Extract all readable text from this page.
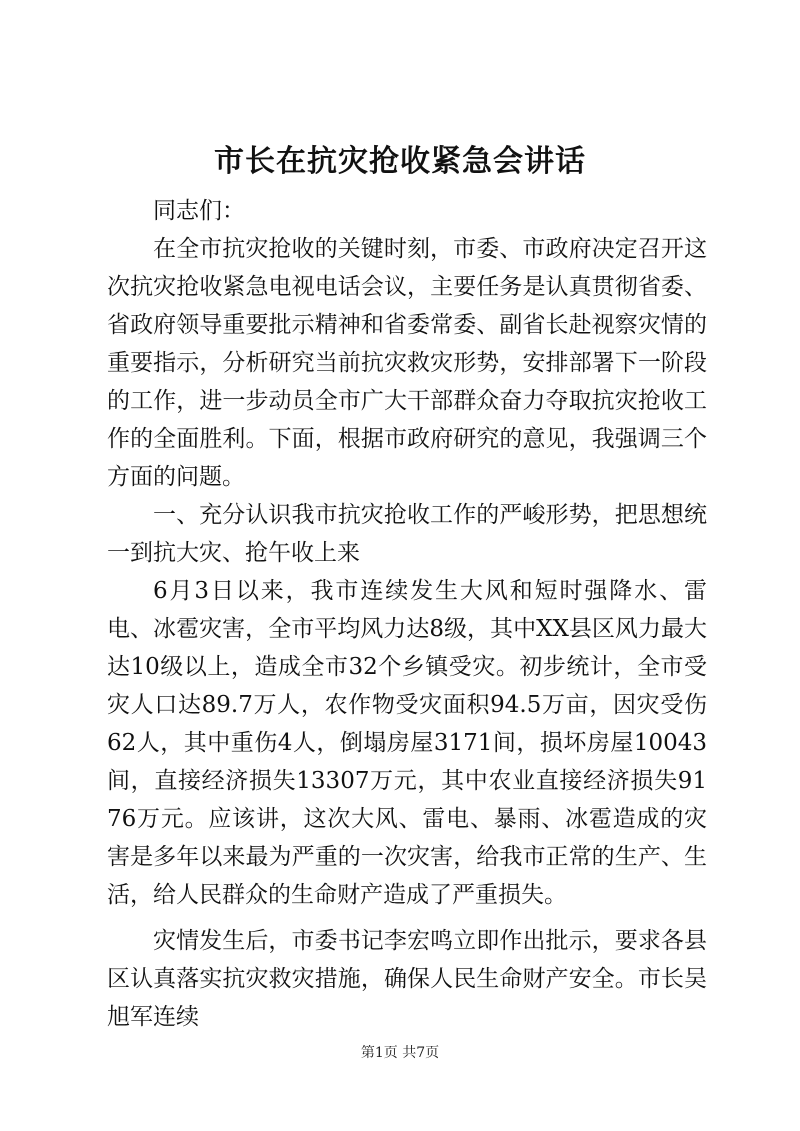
市长在抗灾抢收紧急会讲话

同志们：

在全市抗灾抢收的关键时刻，市委、市政府决定召开这次抗灾抢收紧急电视电话会议，主要任务是认真贯彻省委、省政府领导重要批示精神和省委常委、副省长赴视察灾情的重要指示，分析研究当前抗灾救灾形势，安排部署下一阶段的工作，进一步动员全市广大干部群众奋力夺取抗灾抢收工作的全面胜利。下面，根据市政府研究的意见，我强调三个方面的问题。

一、充分认识我市抗灾抢收工作的严峻形势，把思想统一到抗大灾、抢午收上来

6月3日以来，我市连续发生大风和短时强降水、雷电、冰雹灾害，全市平均风力达8级，其中XX县区风力最大达10级以上，造成全市32个乡镇受灾。初步统计，全市受灾人口达89.7万人，农作物受灾面积94.5万亩，因灾受伤62人，其中重伤4人，倒塌房屋3171间，损坏房屋10043间，直接经济损失13307万元，其中农业直接经济损失9176万元。应该讲，这次大风、雷电、暴雨、冰雹造成的灾害是多年以来最为严重的一次灾害，给我市正常的生产、生活，给人民群众的生命财产造成了严重损失。

灾情发生后，市委书记李宏鸣立即作出批示，要求各县区认真落实抗灾救灾措施，确保人民生命财产安全。市长吴旭军连续

第1页 共7页
